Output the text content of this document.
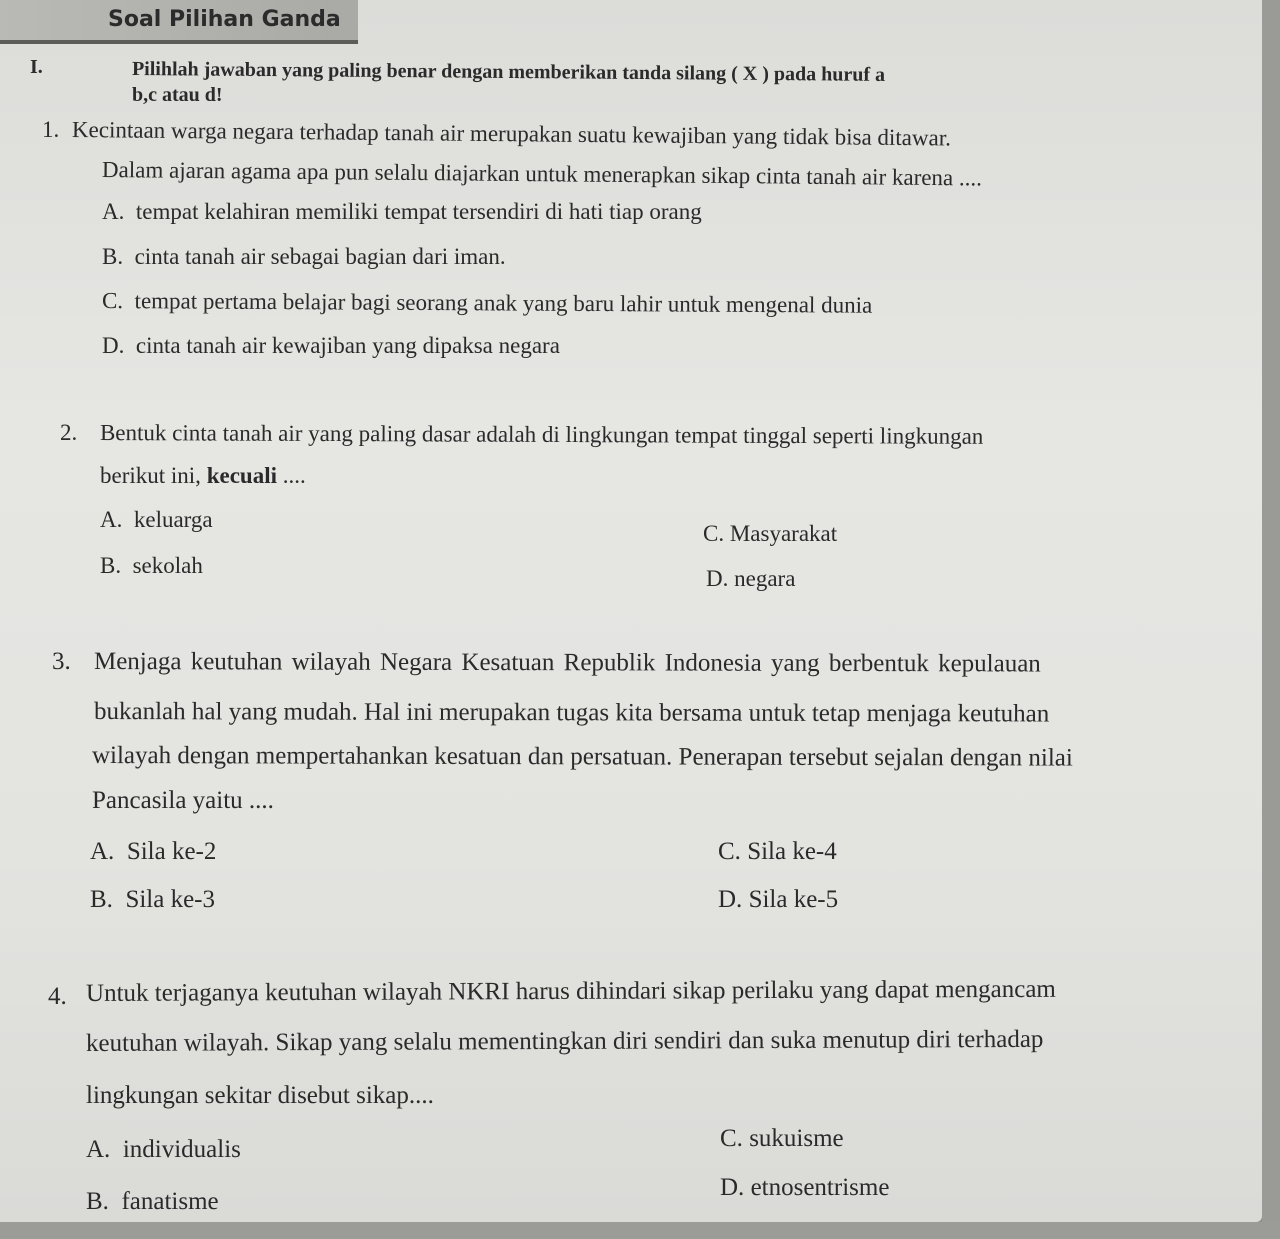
Soal Pilihan Ganda
I.	Pilihlah jawaban yang paling benar dengan memberikan tanda silang ( X ) pada huruf a
b,c atau d!
1. Kecintaan warga negara terhadap tanah air merupakan suatu kewajiban yang tidak bisa ditawar.
Dalam ajaran agama apa pun selalu diajarkan untuk menerapkan sikap cinta tanah air karena ....
A. tempat kelahiran memiliki tempat tersendiri di hati tiap orang
B. cinta tanah air sebagai bagian dari iman.
C. tempat pertama belajar bagi seorang anak yang baru lahir untuk mengenal dunia
D. cinta tanah air kewajiban yang dipaksa negara
2. Bentuk cinta tanah air yang paling dasar adalah di lingkungan tempat tinggal seperti lingkungan
berikut ini, kecuali ....
A. keluarga
B. sekolah
C. Masyarakat
D. negara
3. Menjaga keutuhan wilayah Negara Kesatuan Republik Indonesia yang berbentuk kepulauan
bukanlah hal yang mudah. Hal ini merupakan tugas kita bersama untuk tetap menjaga keutuhan
wilayah dengan mempertahankan kesatuan dan persatuan. Penerapan tersebut sejalan dengan nilai
Pancasila yaitu ....
A. Sila ke-2
B. Sila ke-3
C. Sila ke-4
D. Sila ke-5
4. Untuk terjaganya keutuhan wilayah NKRI harus dihindari sikap perilaku yang dapat mengancam
keutuhan wilayah. Sikap yang selalu mementingkan diri sendiri dan suka menutup diri terhadap
lingkungan sekitar disebut sikap....
A. individualis
B. fanatisme
C. sukuisme
D. etnosentrisme
